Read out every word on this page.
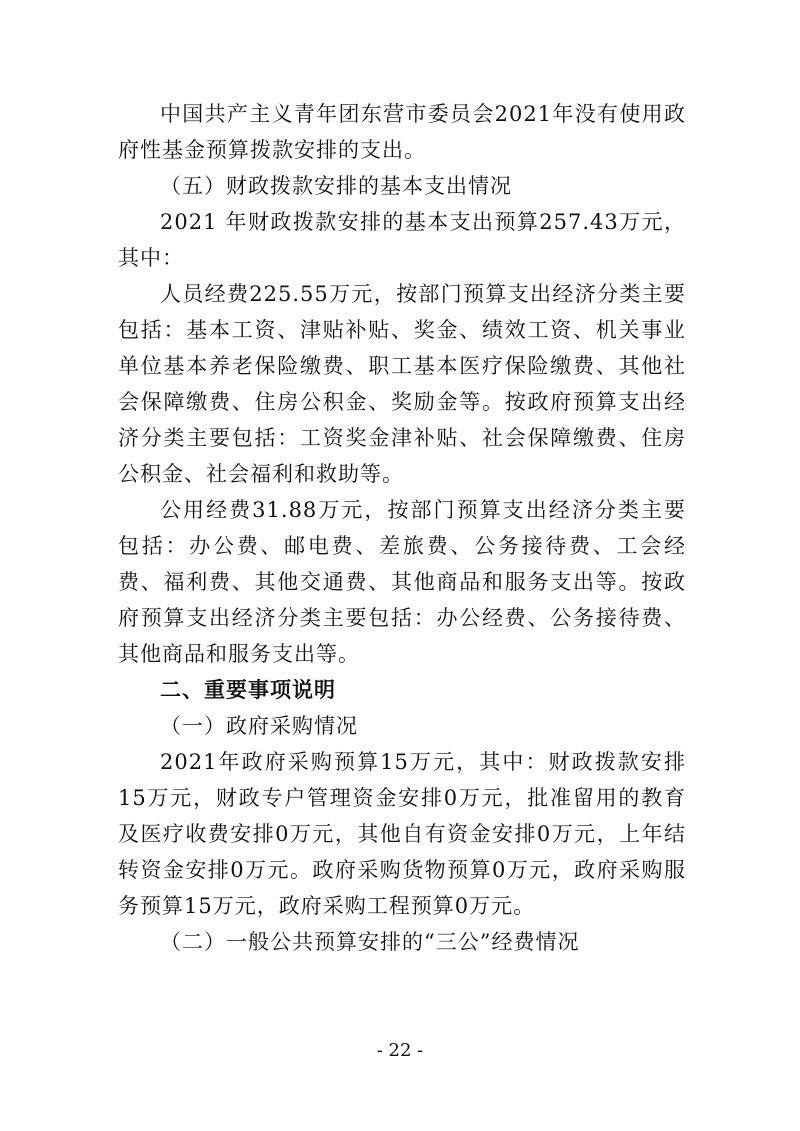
中国共产主义青年团东营市委员会2021年没有使用政府性基金预算拨款安排的支出。

（五）财政拨款安排的基本支出情况

2021 年财政拨款安排的基本支出预算257.43万元，其中：

人员经费225.55万元，按部门预算支出经济分类主要包括：基本工资、津贴补贴、奖金、绩效工资、机关事业单位基本养老保险缴费、职工基本医疗保险缴费、其他社会保障缴费、住房公积金、奖励金等。按政府预算支出经济分类主要包括：工资奖金津补贴、社会保障缴费、住房公积金、社会福利和救助等。

公用经费31.88万元，按部门预算支出经济分类主要包括：办公费、邮电费、差旅费、公务接待费、工会经费、福利费、其他交通费、其他商品和服务支出等。按政府预算支出经济分类主要包括：办公经费、公务接待费、其他商品和服务支出等。

二、重要事项说明

（一）政府采购情况

2021年政府采购预算15万元，其中：财政拨款安排15万元，财政专户管理资金安排0万元，批准留用的教育及医疗收费安排0万元，其他自有资金安排0万元，上年结转资金安排0万元。政府采购货物预算0万元，政府采购服务预算15万元，政府采购工程预算0万元。

（二）一般公共预算安排的“三公”经费情况

- 22 -
